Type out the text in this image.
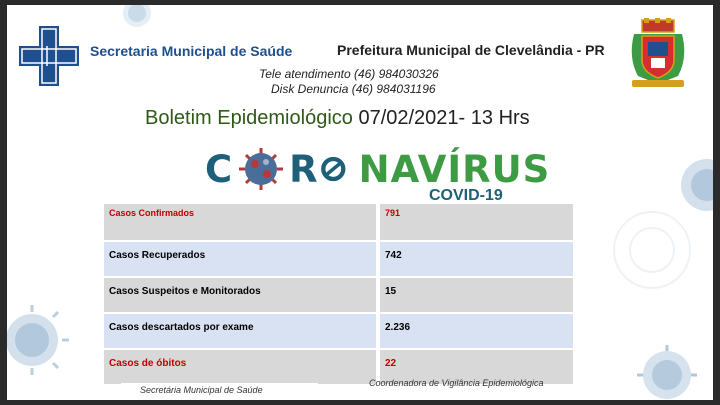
Secretaria Municipal de Saúde	Prefeitura Municipal de Clevelândia - PR
Tele atendimento (46) 984030326
Disk Denuncia (46) 984031196
Boletim Epidemiológico 07/02/2021- 13 Hrs
C R NAVÍRUS
COVID-19
Casos Confirmados	791
Casos Recuperados	742
Casos Suspeitos e Monitorados	15
Casos descartados por exame	2.236
Casos de óbitos	22
Secretária Municipal de Saúde
Coordenadora de Vigilância Epidemiológica
